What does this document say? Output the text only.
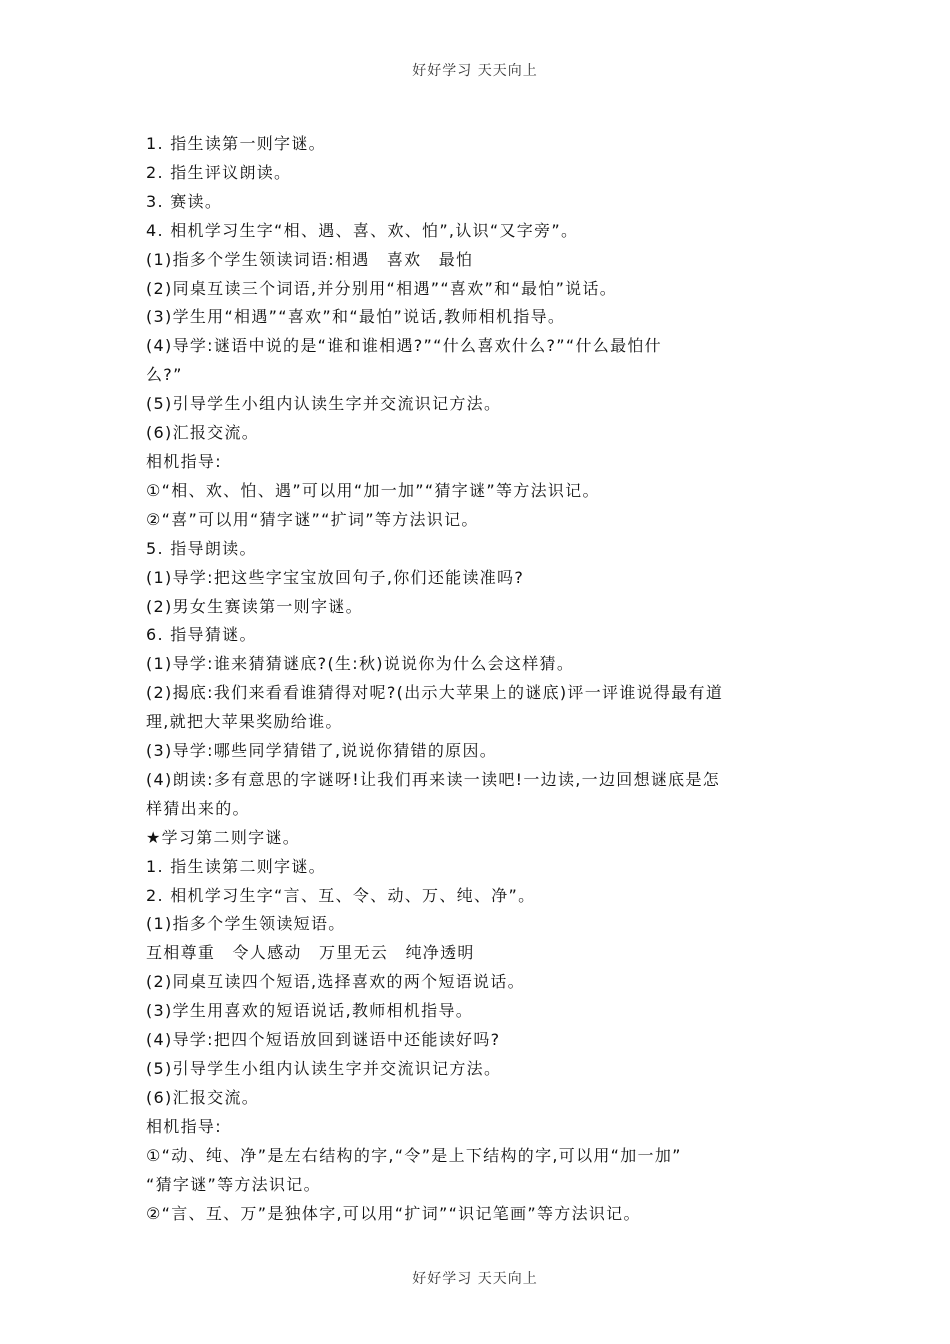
好好学习 天天向上
1. 指生读第一则字谜。
2. 指生评议朗读。
3. 赛读。
4. 相机学习生字“相、遇、喜、欢、怕”,认识“又字旁”。
(1)指多个学生领读词语:相遇　喜欢　最怕
(2)同桌互读三个词语,并分别用“相遇”“喜欢”和“最怕”说话。
(3)学生用“相遇”“喜欢”和“最怕”说话,教师相机指导。
(4)导学:谜语中说的是“谁和谁相遇?”“什么喜欢什么?”“什么最怕什
么?”
(5)引导学生小组内认读生字并交流识记方法。
(6)汇报交流。
相机指导:
①“相、欢、怕、遇”可以用“加一加”“猜字谜”等方法识记。
②“喜”可以用“猜字谜”“扩词”等方法识记。
5. 指导朗读。
(1)导学:把这些字宝宝放回句子,你们还能读准吗?
(2)男女生赛读第一则字谜。
6. 指导猜谜。
(1)导学:谁来猜猜谜底?(生:秋)说说你为什么会这样猜。
(2)揭底:我们来看看谁猜得对呢?(出示大苹果上的谜底)评一评谁说得最有道
理,就把大苹果奖励给谁。
(3)导学:哪些同学猜错了,说说你猜错的原因。
(4)朗读:多有意思的字谜呀!让我们再来读一读吧!一边读,一边回想谜底是怎
样猜出来的。
★学习第二则字谜。
1. 指生读第二则字谜。
2. 相机学习生字“言、互、令、动、万、纯、净”。
(1)指多个学生领读短语。
互相尊重　令人感动　万里无云　纯净透明
(2)同桌互读四个短语,选择喜欢的两个短语说话。
(3)学生用喜欢的短语说话,教师相机指导。
(4)导学:把四个短语放回到谜语中还能读好吗?
(5)引导学生小组内认读生字并交流识记方法。
(6)汇报交流。
相机指导:
①“动、纯、净”是左右结构的字,“令”是上下结构的字,可以用“加一加”
“猜字谜”等方法识记。
②“言、互、万”是独体字,可以用“扩词”“识记笔画”等方法识记。
好好学习 天天向上
